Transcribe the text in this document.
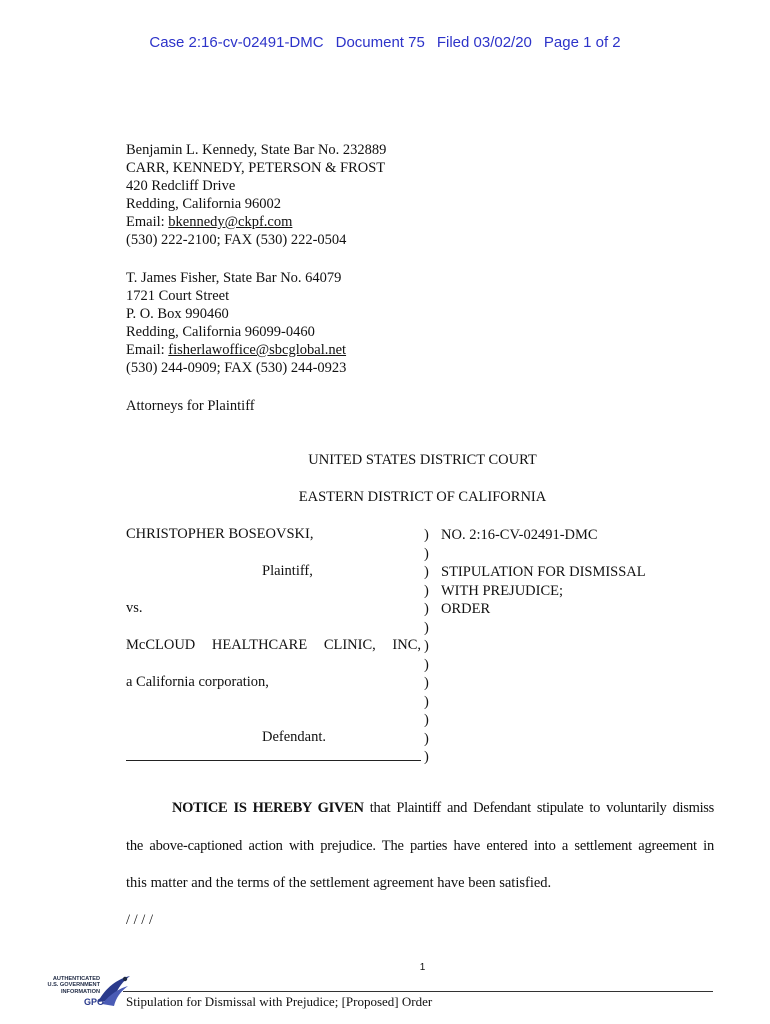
Case 2:16-cv-02491-DMC Document 75 Filed 03/02/20 Page 1 of 2
Benjamin L. Kennedy, State Bar No. 232889
CARR, KENNEDY, PETERSON & FROST
420 Redcliff Drive
Redding, California 96002
Email: bkennedy@ckpf.com
(530) 222-2100; FAX (530) 222-0504
T. James Fisher, State Bar No. 64079
1721 Court Street
P. O. Box 990460
Redding, California 96099-0460
Email: fisherlawoffice@sbcglobal.net
(530) 244-0909; FAX (530) 244-0923
Attorneys for Plaintiff
UNITED STATES DISTRICT COURT
EASTERN DISTRICT OF CALIFORNIA
CHRISTOPHER BOSEOVSKI,
Plaintiff,
vs.
McCLOUD HEALTHCARE CLINIC, INC,
a California corporation,
Defendant.
)
)
)
)
)
)
)
)
)
)
)
)
)
NO. 2:16-CV-02491-DMC
STIPULATION FOR DISMISSAL
WITH PREJUDICE;
ORDER
NOTICE IS HEREBY GIVEN that Plaintiff and Defendant stipulate to voluntarily dismiss
the above-captioned action with prejudice. The parties have entered into a settlement agreement in
this matter and the terms of the settlement agreement have been satisfied.
/ / / /
1
Stipulation for Dismissal with Prejudice; [Proposed] Order
AUTHENTICATED
U.S. GOVERNMENT
INFORMATION
GPO
